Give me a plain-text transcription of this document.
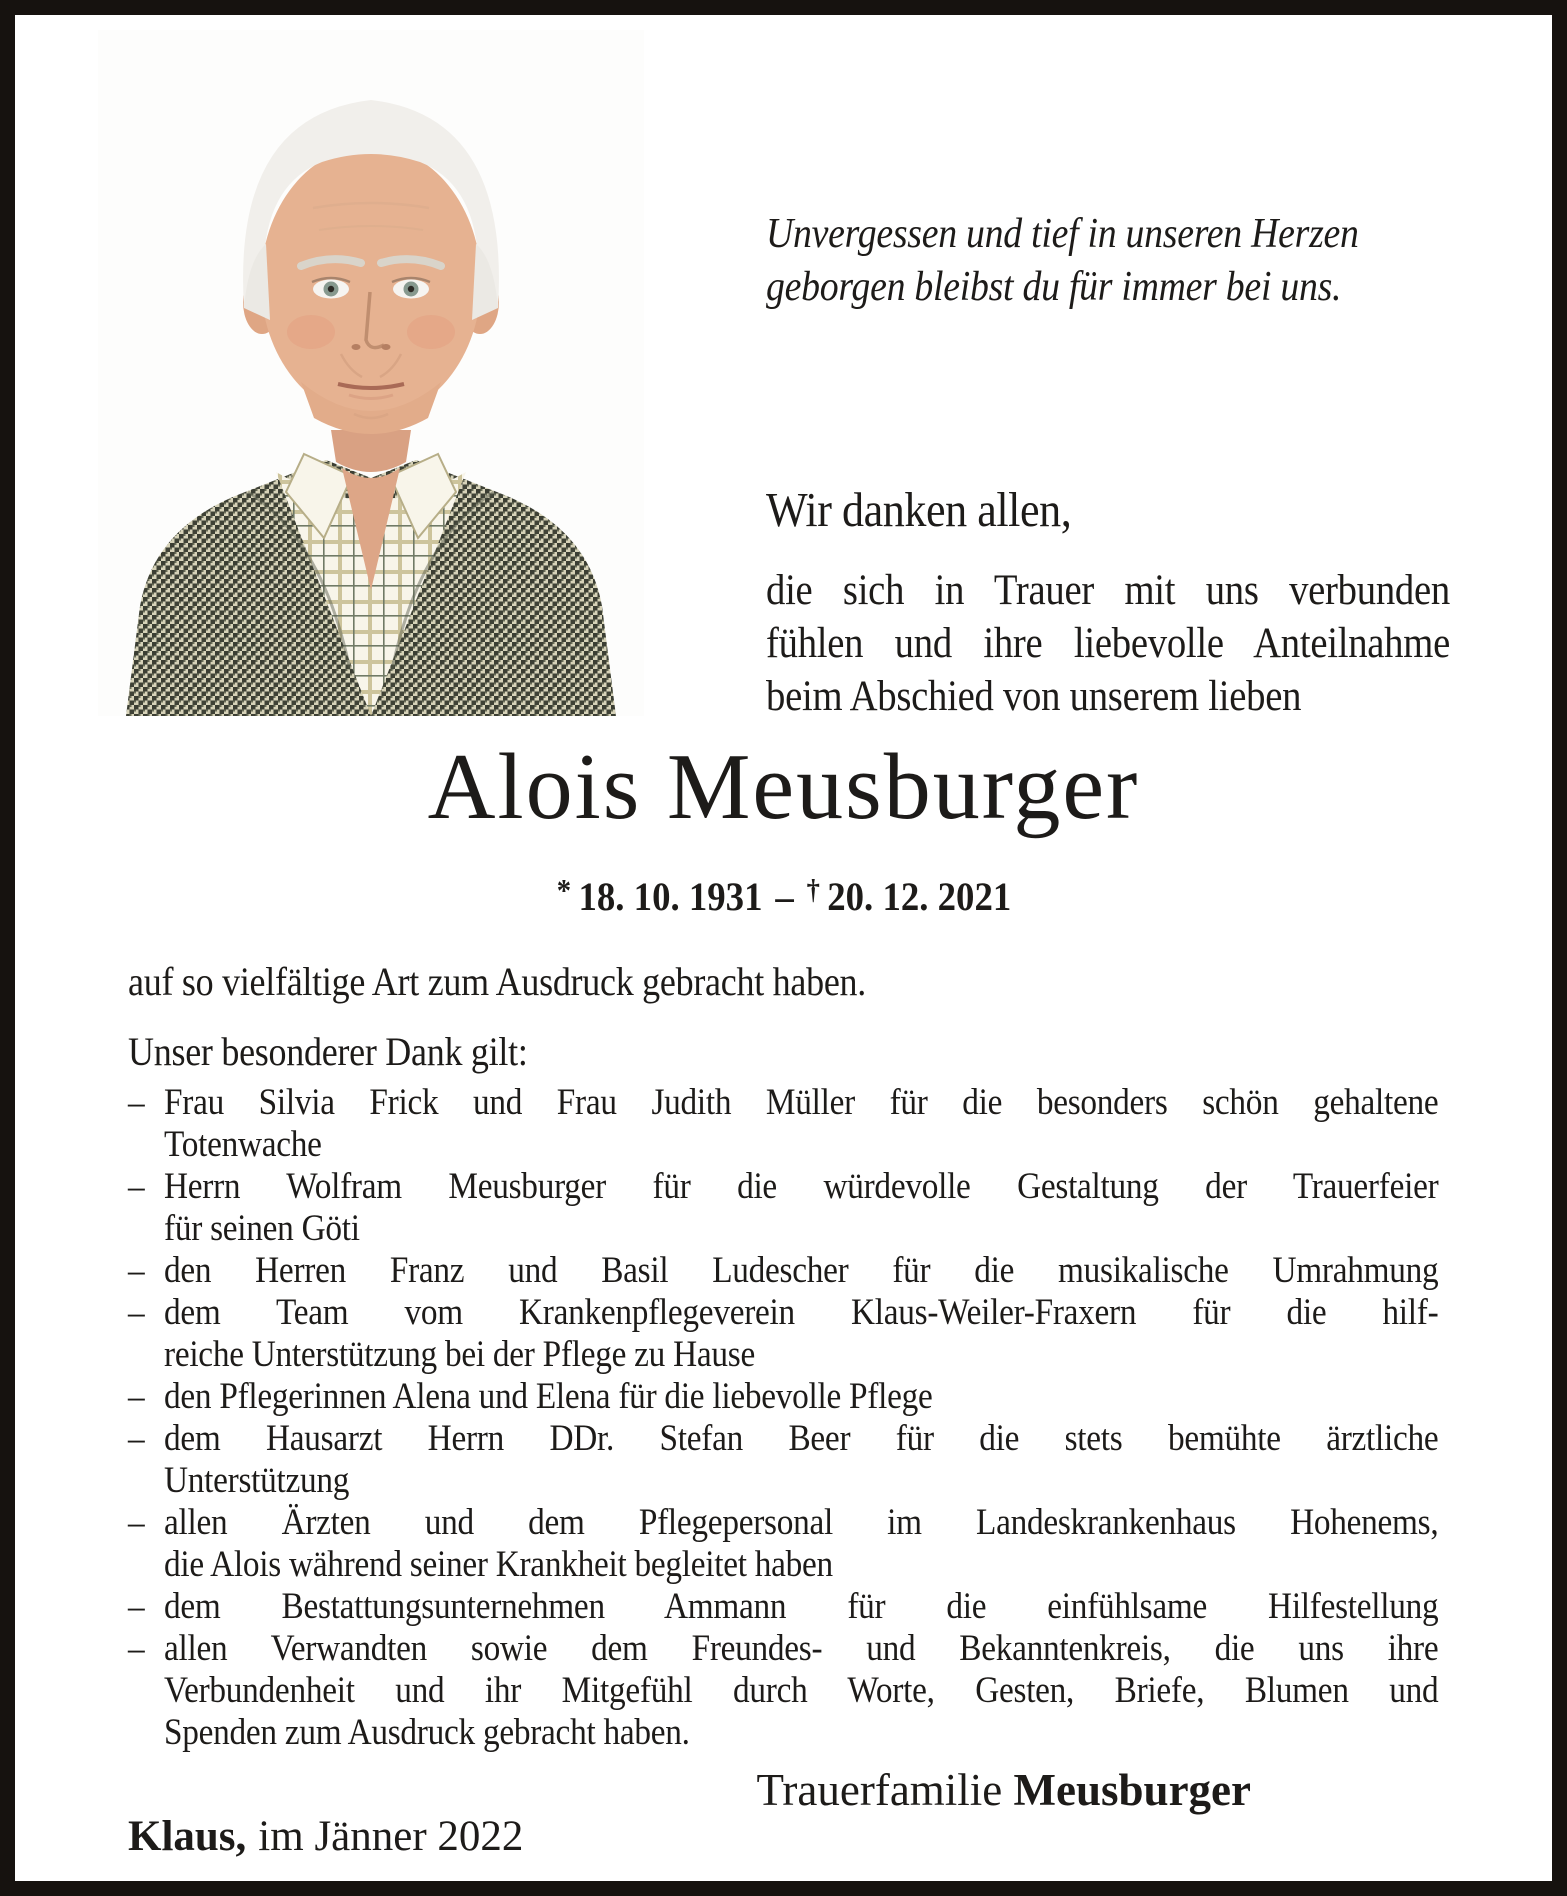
Unvergessen und tief in unseren Herzen
geborgen bleibst du für immer bei uns.
Wir danken allen,
die sich in Trauer mit uns verbunden
fühlen und ihre liebevolle Anteilnahme
beim Abschied von unserem lieben
Alois Meusburger
* 18. 10. 1931 – † 20. 12. 2021
auf so vielfältige Art zum Ausdruck gebracht haben.
Unser besonderer Dank gilt:
– Frau Silvia Frick und Frau Judith Müller für die besonders schön gehaltene
Totenwache
– Herrn Wolfram Meusburger für die würdevolle Gestaltung der Trauerfeier
für seinen Göti
– den Herren Franz und Basil Ludescher für die musikalische Umrahmung
– dem Team vom Krankenpflegeverein Klaus-Weiler-Fraxern für die hilf-
reiche Unterstützung bei der Pflege zu Hause
– den Pflegerinnen Alena und Elena für die liebevolle Pflege
– dem Hausarzt Herrn DDr. Stefan Beer für die stets bemühte ärztliche
Unterstützung
– allen Ärzten und dem Pflegepersonal im Landeskrankenhaus Hohenems,
die Alois während seiner Krankheit begleitet haben
– dem Bestattungsunternehmen Ammann für die einfühlsame Hilfestellung
– allen Verwandten sowie dem Freundes- und Bekanntenkreis, die uns ihre
Verbundenheit und ihr Mitgefühl durch Worte, Gesten, Briefe, Blumen und
Spenden zum Ausdruck gebracht haben.
Trauerfamilie Meusburger
Klaus, im Jänner 2022
